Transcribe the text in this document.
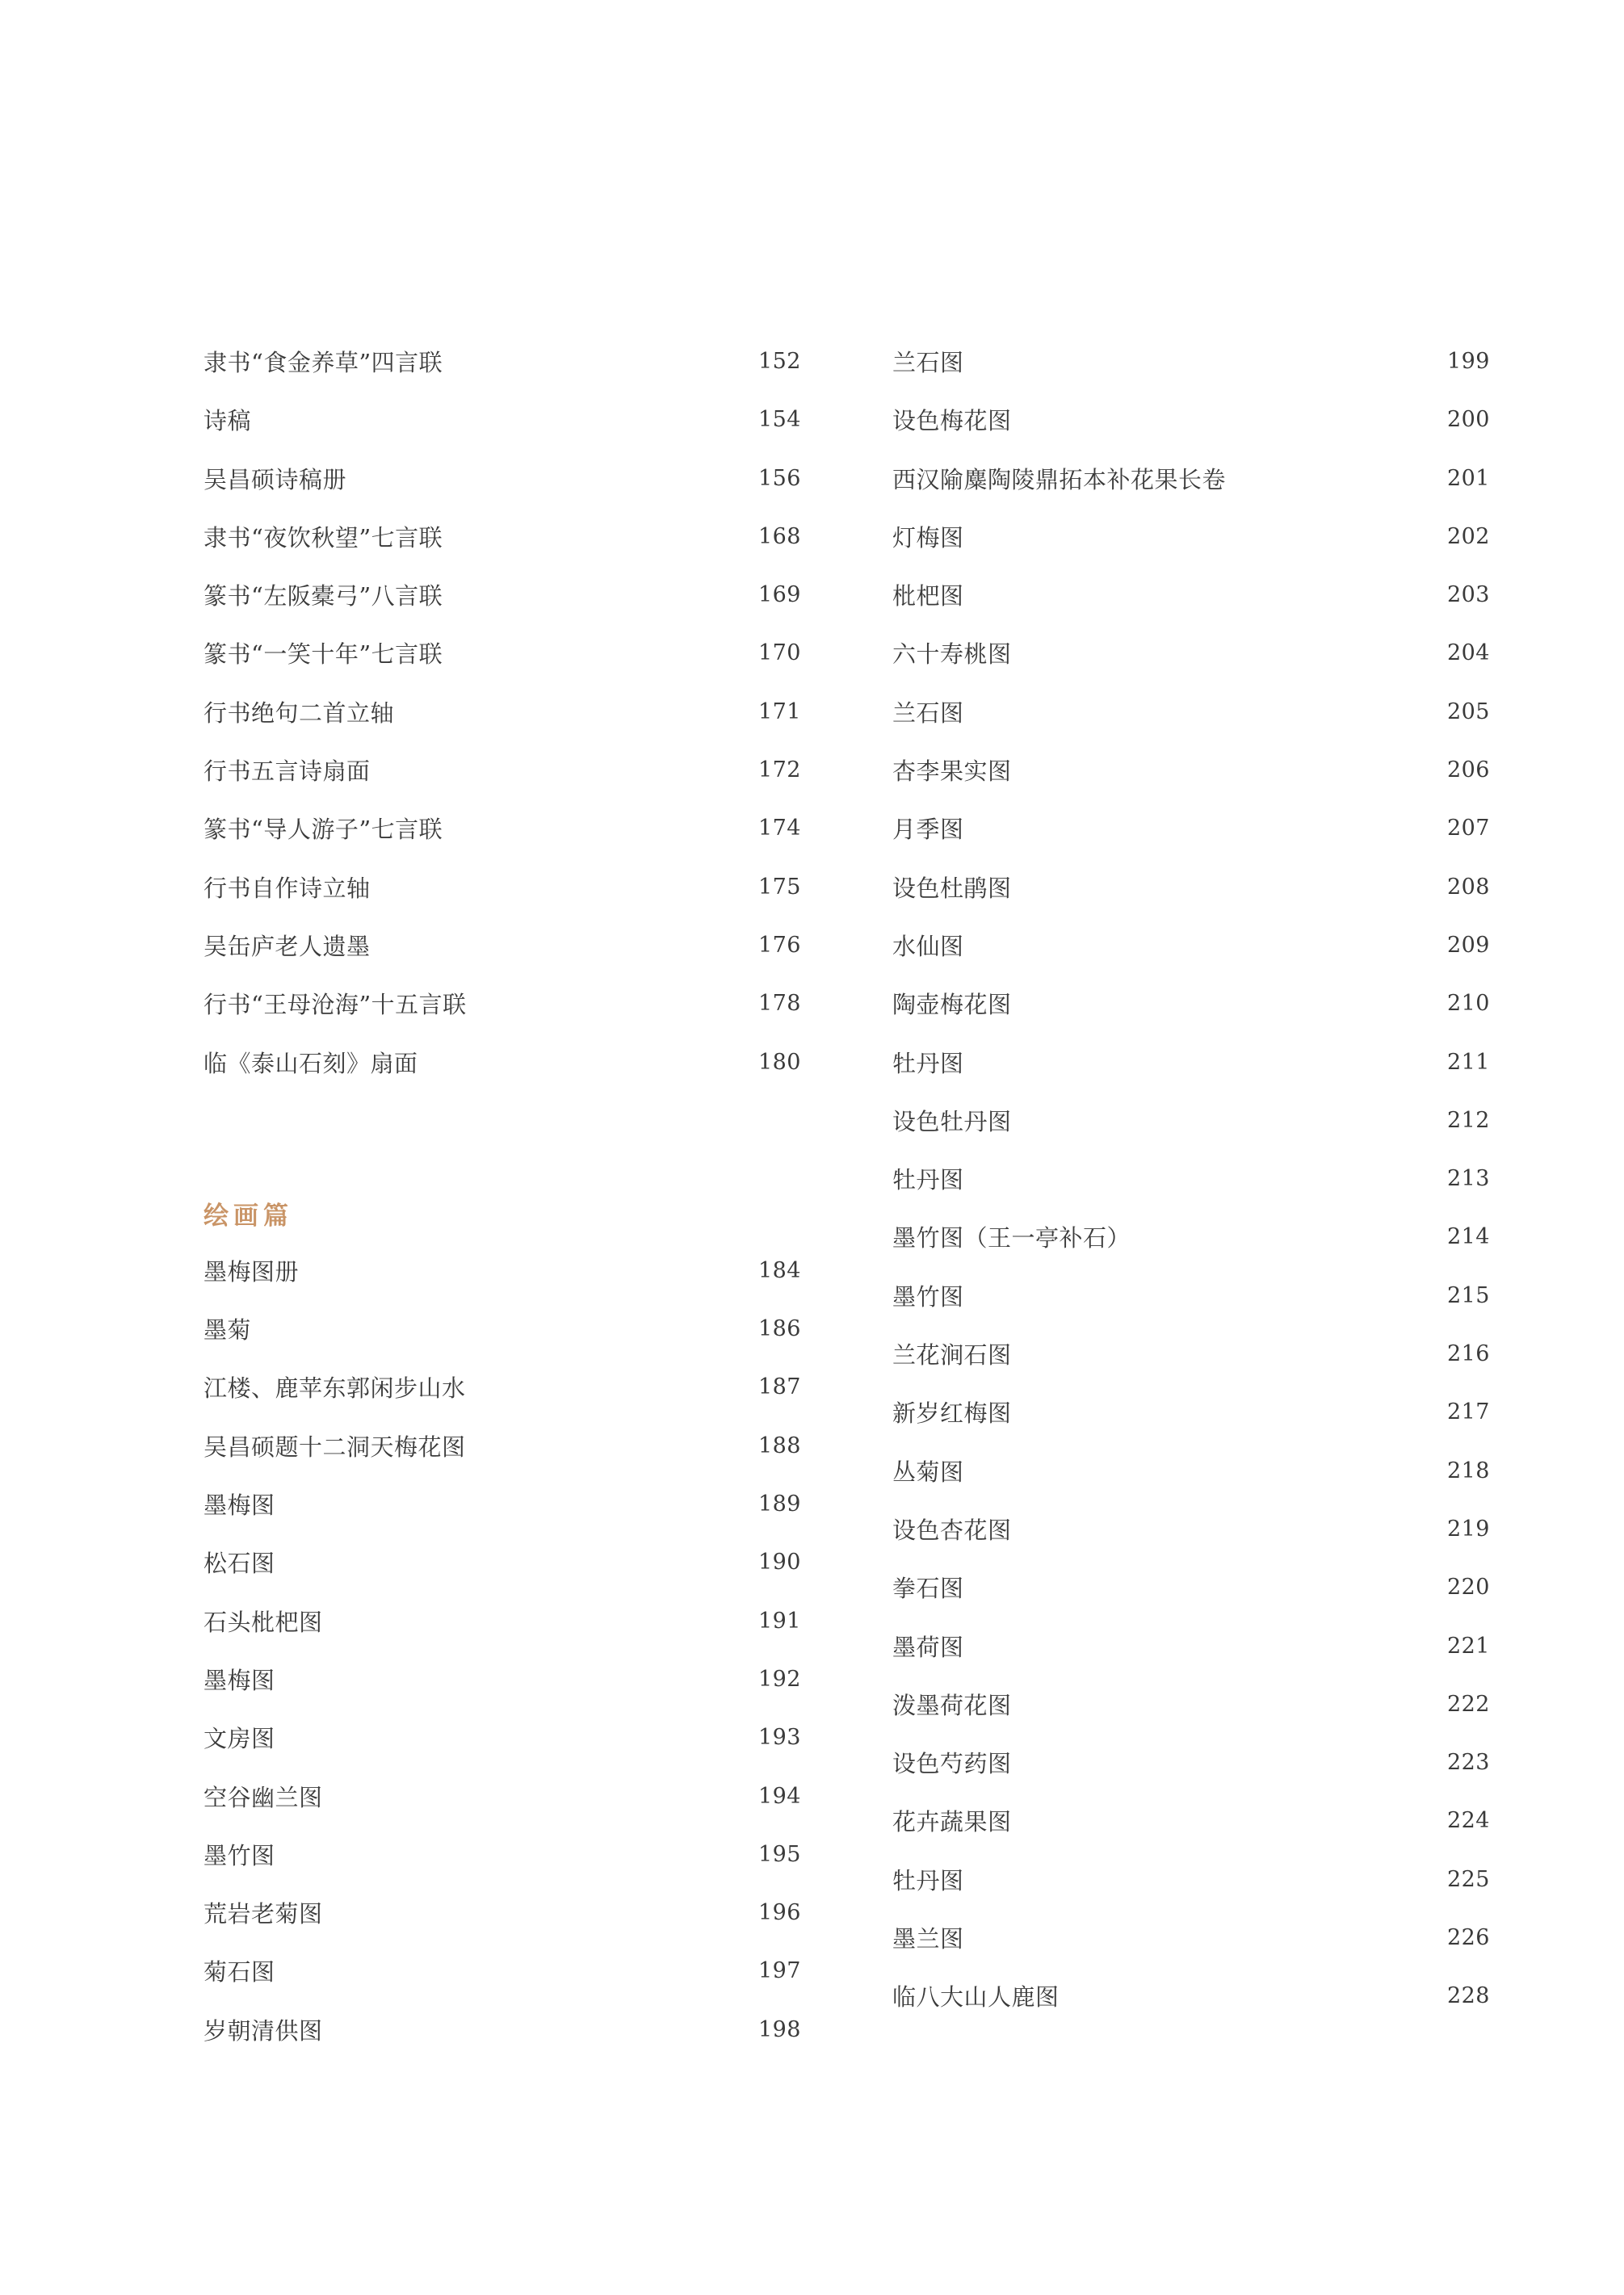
隶书“食金养草”四言联	152
诗稿	154
吴昌硕诗稿册	156
隶书“夜饮秋望”七言联	168
篆书“左阪橐弓”八言联	169
篆书“一笑十年”七言联	170
行书绝句二首立轴	171
行书五言诗扇面	172
篆书“导人游子”七言联	174
行书自作诗立轴	175
吴缶庐老人遗墨	176
行书“王母沧海”十五言联	178
临《泰山石刻》扇面	180
绘画篇
墨梅图册	184
墨菊	186
江楼、鹿苹东郭闲步山水	187
吴昌硕题十二洞天梅花图	188
墨梅图	189
松石图	190
石头枇杷图	191
墨梅图	192
文房图	193
空谷幽兰图	194
墨竹图	195
荒岩老菊图	196
菊石图	197
岁朝清供图	198
兰石图	199
设色梅花图	200
西汉隃麋陶陵鼎拓本补花果长卷	201
灯梅图	202
枇杷图	203
六十寿桃图	204
兰石图	205
杏李果实图	206
月季图	207
设色杜鹃图	208
水仙图	209
陶壶梅花图	210
牡丹图	211
设色牡丹图	212
牡丹图	213
墨竹图（王一亭补石）	214
墨竹图	215
兰花涧石图	216
新岁红梅图	217
丛菊图	218
设色杏花图	219
拳石图	220
墨荷图	221
泼墨荷花图	222
设色芍药图	223
花卉蔬果图	224
牡丹图	225
墨兰图	226
临八大山人鹿图	228
